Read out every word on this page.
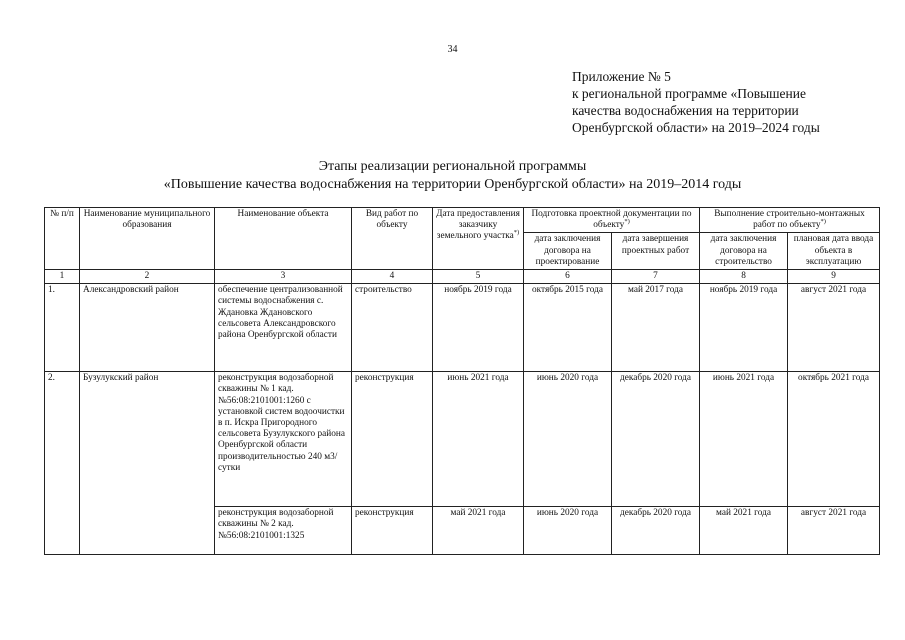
34
Приложение № 5
к региональной программе «Повышение
качества водоснабжения на территории
Оренбургской области» на 2019–2024 годы
Этапы реализации региональной программы
«Повышение качества водоснабжения на территории Оренбургской области» на 2019–2014 годы
№ п/п	Наименование муниципального образования	Наименование объекта	Вид работ по объекту	Дата предоставления заказчику земельного участка*)	Подготовка проектной документации по объекту*)		Выполнение строительно-монтажных работ по объекту*)
					дата заключения договора на проектирование	дата завершения проектных работ	дата заключения договора на строительство	плановая дата ввода объекта в эксплуатацию
1	2	3	4	5	6	7	8	9
1.	Александровский район	обеспечение централизованной системы водоснабжения с. Ждановка Ждановского сельсовета Александровского района Оренбургской области	строительство	ноябрь 2019 года	октябрь 2015 года	май 2017 года	ноябрь 2019 года	август 2021 года
2.	Бузулукский район	реконструкция водозаборной скважины № 1 кад.№56:08:2101001:1260 с установкой систем водоочистки в п. Искра Пригородного сельсовета Бузулукского района Оренбургской области производительностью 240 м3/сутки	реконструкция	июнь 2021 года	июнь 2020 года	декабрь 2020 года	июнь 2021 года	октябрь 2021 года
		реконструкция водозаборной скважины № 2 кад.№56:08:2101001:1325	реконструкция	май 2021 года	июнь 2020 года	декабрь 2020 года	май 2021 года	август 2021 года
